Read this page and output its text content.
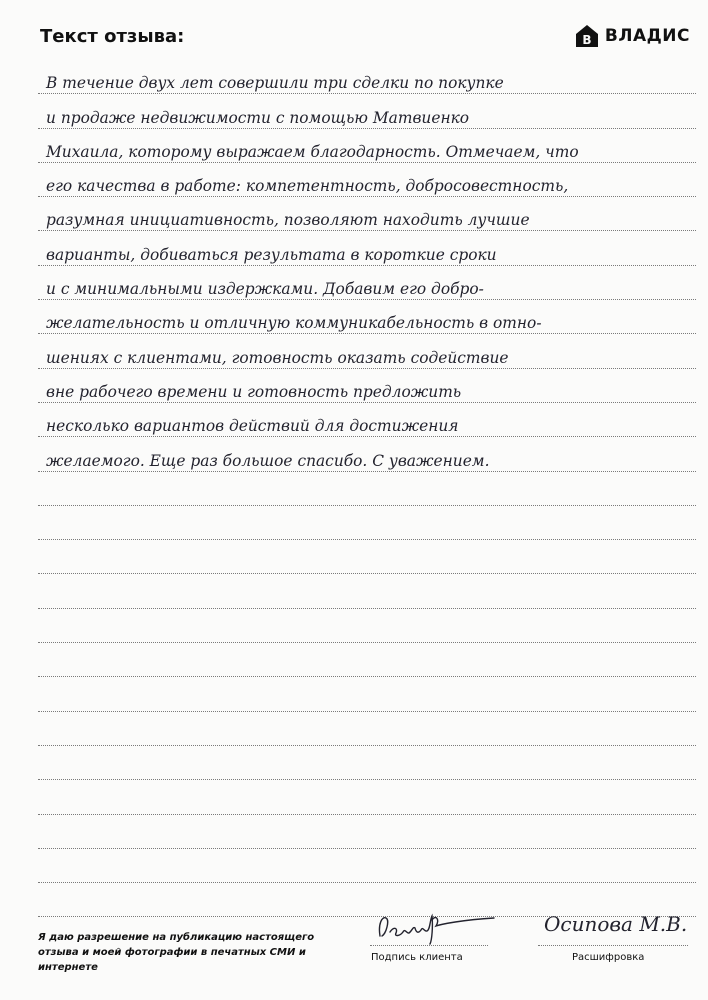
Текст отзыва:	В ВЛАДИС
В течение двух лет совершили три сделки по покупке
и продаже недвижимости с помощью Матвиенко
Михаила, которому выражаем благодарность. Отмечаем, что
его качества в работе: компетентность, добросовестность,
разумная инициативность, позволяют находить лучшие
варианты, добиваться результата в короткие сроки
и с минимальными издержками. Добавим его добро-
желательность и отличную коммуникабельность в отно-
шениях с клиентами, готовность оказать содействие
вне рабочего времени и готовность предложить
несколько вариантов действий для достижения
желаемого. Еще раз большое спасибо. С уважением.
Я даю разрешение на публикацию настоящего отзыва и моей фотографии в печатных СМИ и интернете
Подпись клиента
Осипова М.В.
Расшифровка
